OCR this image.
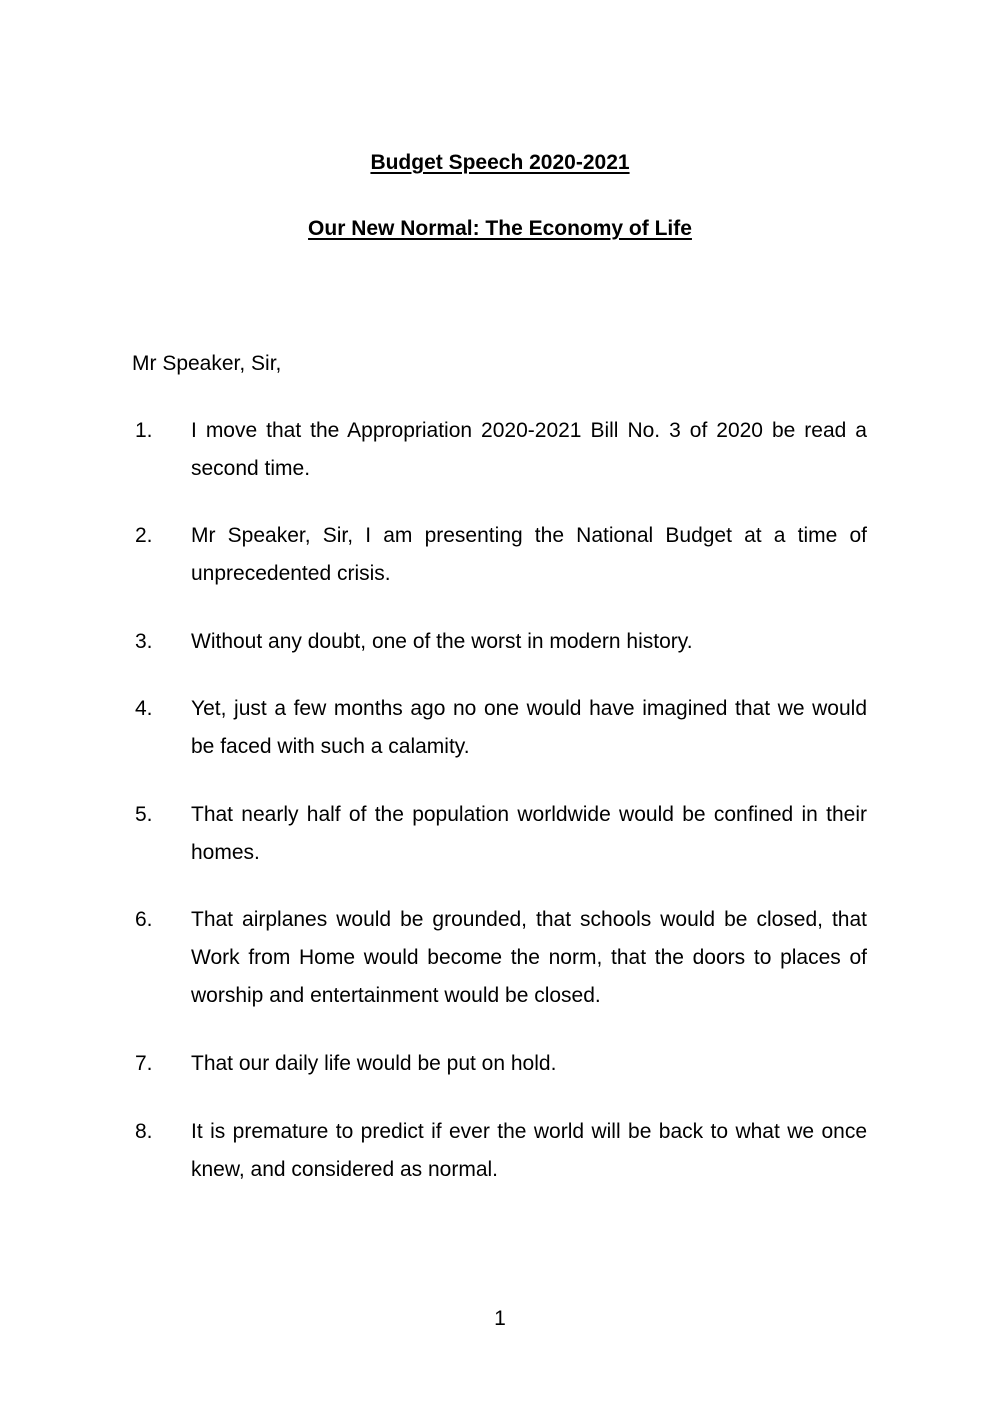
Budget Speech 2020-2021
Our New Normal: The Economy of Life

Mr Speaker, Sir,

1.	I move that the Appropriation 2020-2021 Bill No. 3 of 2020 be read a second time.
2.	Mr Speaker, Sir, I am presenting the National Budget at a time of unprecedented crisis.
3.	Without any doubt, one of the worst in modern history.
4.	Yet, just a few months ago no one would have imagined that we would be faced with such a calamity.
5.	That nearly half of the population worldwide would be confined in their homes.
6.	That airplanes would be grounded, that schools would be closed, that Work from Home would become the norm, that the doors to places of worship and entertainment would be closed.
7.	That our daily life would be put on hold.
8.	It is premature to predict if ever the world will be back to what we once knew, and considered as normal.
1
